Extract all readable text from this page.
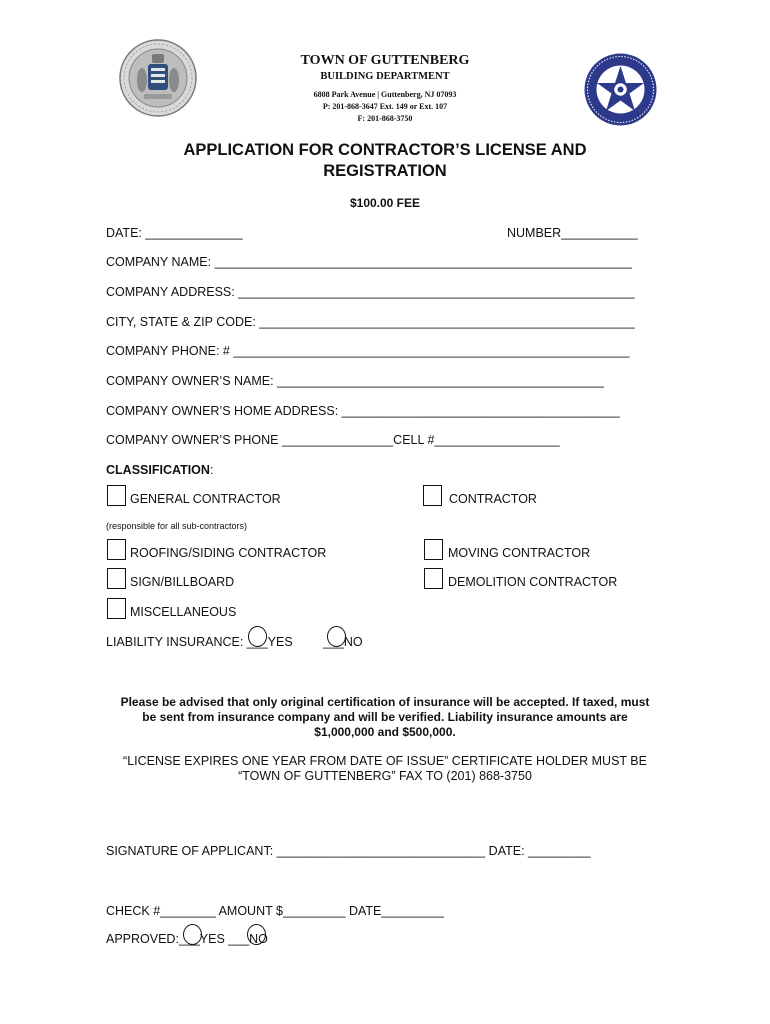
TOWN OF GUTTENBERG
BUILDING DEPARTMENT
6808 Park Avenue | Guttenberg, NJ 07093
P: 201-868-3647 Ext. 149 or Ext. 107
F: 201-868-3750
APPLICATION FOR CONTRACTOR’S LICENSE AND
REGISTRATION
$100.00 FEE
DATE: ______________	NUMBER___________
COMPANY NAME: ____________________________________________________________
COMPANY ADDRESS: _________________________________________________________
CITY, STATE & ZIP CODE: ______________________________________________________
COMPANY PHONE: # _________________________________________________________
COMPANY OWNER’S NAME: _______________________________________________
COMPANY OWNER’S HOME ADDRESS: ________________________________________
COMPANY OWNER’S PHONE ________________CELL #__________________
CLASSIFICATION:
GENERAL CONTRACTOR	CONTRACTOR
(responsible for all sub-contractors)
ROOFING/SIDING CONTRACTOR	MOVING CONTRACTOR
SIGN/BILLBOARD	DEMOLITION CONTRACTOR
MISCELLANEOUS
LIABILITY INSURANCE: ___YES ___NO
Please be advised that only original certification of insurance will be accepted. If taxed, must
be sent from insurance company and will be verified. Liability insurance amounts are
$1,000,000 and $500,000.
“LICENSE EXPIRES ONE YEAR FROM DATE OF ISSUE” CERTIFICATE HOLDER MUST BE
“TOWN OF GUTTENBERG” FAX TO (201) 868-3750
SIGNATURE OF APPLICANT: ______________________________ DATE: _________
CHECK #________ AMOUNT $_________ DATE_________
APPROVED:___YES ___NO
